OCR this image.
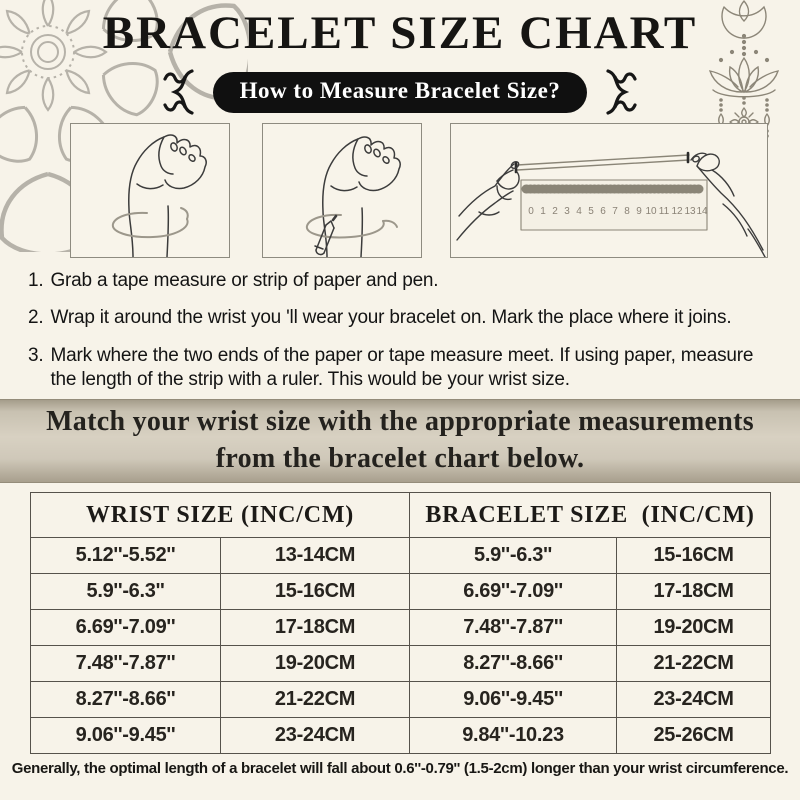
BRACELET SIZE CHART
How to Measure Bracelet Size?
0 1 2 3 4 5 6 7 8 9 10 11 12 13 14
1. Grab a tape measure or strip of paper and pen.
2. Wrap it around the wrist you 'll wear your bracelet on. Mark the place where it joins.
3. Mark where the two ends of the paper or tape measure meet. If using paper, measure the length of the strip with a ruler. This would be your wrist size.
Match your wrist size with the appropriate measurements
from the bracelet chart below.
WRIST SIZE (INC/CM)		BRACELET SIZE  (INC/CM)	
5.12''-5.52''	13-14CM	5.9''-6.3''	15-16CM
5.9''-6.3''	15-16CM	6.69''-7.09''	17-18CM
6.69''-7.09''	17-18CM	7.48''-7.87''	19-20CM
7.48''-7.87''	19-20CM	8.27''-8.66''	21-22CM
8.27''-8.66''	21-22CM	9.06''-9.45''	23-24CM
9.06''-9.45''	23-24CM	9.84''-10.23	25-26CM
Generally, the optimal length of a bracelet will fall about 0.6''-0.79'' (1.5-2cm) longer than your wrist circumference.
